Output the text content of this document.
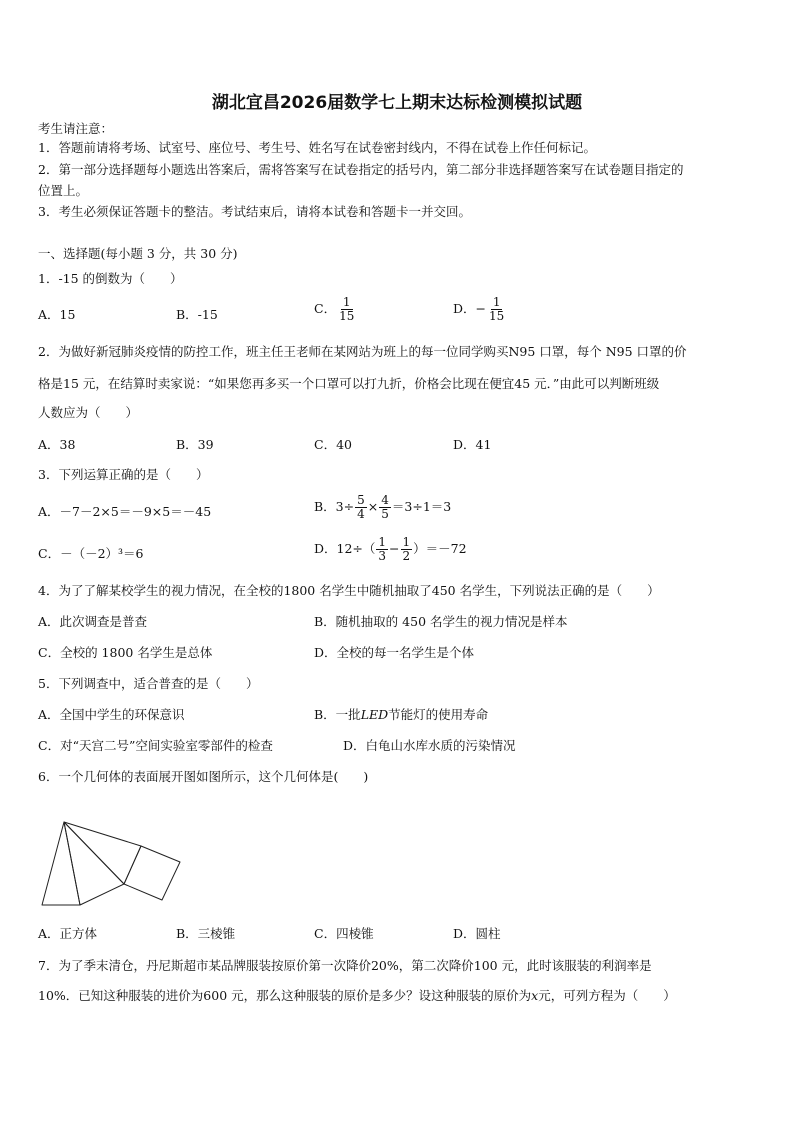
湖北宜昌2026届数学七上期末达标检测模拟试题
考生请注意：
1．答题前请将考场、试室号、座位号、考生号、姓名写在试卷密封线内，不得在试卷上作任何标记。
2．第一部分选择题每小题选出答案后，需将答案写在试卷指定的括号内，第二部分非选择题答案写在试卷题目指定的
位置上。
3．考生必须保证答题卡的整洁。考试结束后，请将本试卷和答题卡一并交回。
一、选择题(每小题 3 分，共 30 分)
1．-15 的倒数为（　　）
A．15	B．-15	C． $\frac{1}{15}$	D．− $\frac{1}{15}$
2．为做好新冠肺炎疫情的防控工作，班主任王老师在某网站为班上的每一位同学购买N95 口罩，每个 N95 口罩的价
格是15 元，在结算时卖家说：“如果您再多买一个口罩可以打九折，价格会比现在便宜45 元．”由此可以判断班级
人数应为（　　）
A．38	B．39	C．40	D．41
3．下列运算正确的是（　　）
A．－7－2×5＝－9×5＝－45	B．$3\div \frac{5}{4} \times \frac{4}{5} =3\div 1=3$
C．－（－2）³＝6	D．$12\div( \frac{1}{3} - \frac{1}{2} )=-72$
4．为了了解某校学生的视力情况，在全校的1800 名学生中随机抽取了450 名学生，下列说法正确的是（　　）
A．此次调查是普查	B．随机抽取的 450 名学生的视力情况是样本
C．全校的 1800 名学生是总体	D．全校的每一名学生是个体
5．下列调查中，适合普查的是（　　）
A．全国中学生的环保意识	B．一批LED节能灯的使用寿命
C．对“天宫二号”空间实验室零部件的检查	D．白龟山水库水质的污染情况
6．一个几何体的表面展开图如图所示，这个几何体是(　　)
A．正方体	B．三棱锥	C．四棱锥	D．圆柱
7．为了季末清仓，丹尼斯超市某品牌服装按原价第一次降价20%，第二次降价100 元，此时该服装的利润率是
10%．已知这种服装的进价为600 元，那么这种服装的原价是多少？设这种服装的原价为x元，可列方程为（　　）
